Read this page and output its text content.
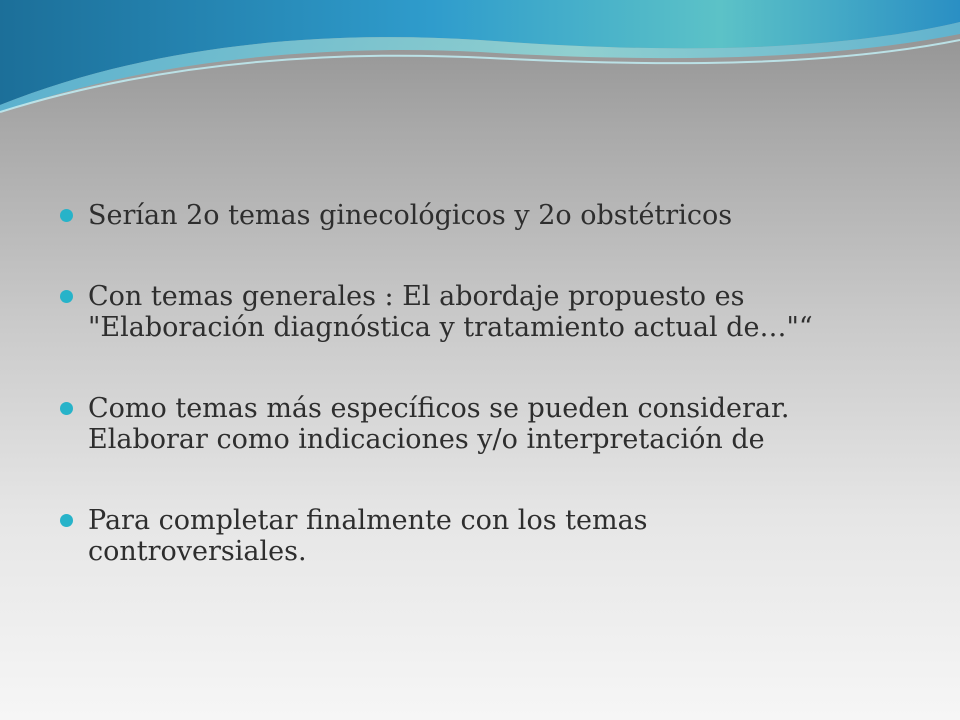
Serían 2o temas ginecológicos y 2o obstétricos
Con temas generales : El abordaje propuesto es
"Elaboración diagnóstica y tratamiento actual de…"“
Como temas más específicos se pueden considerar.
Elaborar como indicaciones y/o interpretación de
Para completar finalmente con los temas
controversiales.
